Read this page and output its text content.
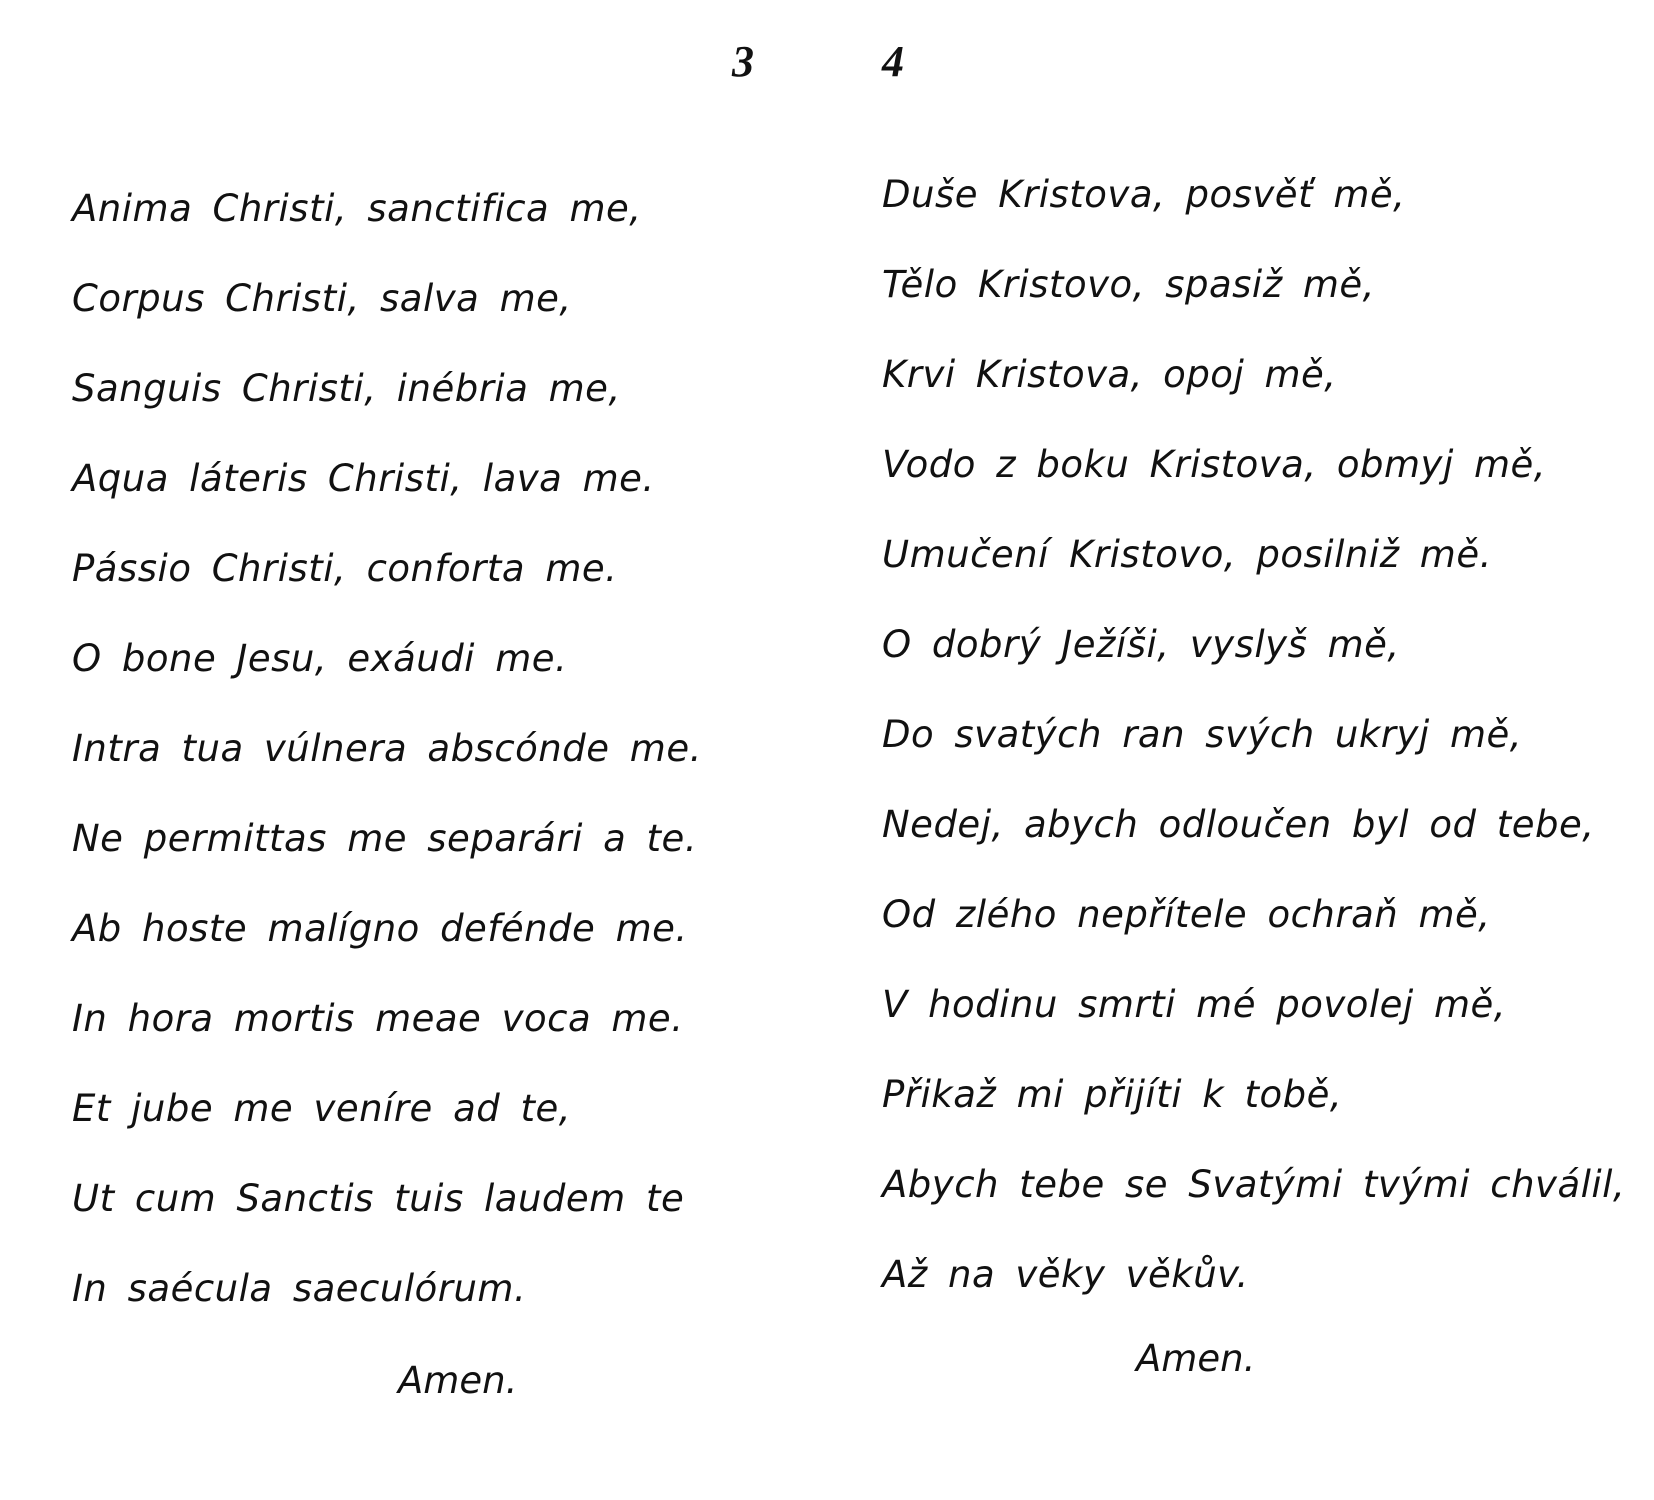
3	4
Anima Christi, sanctifica me,
Corpus Christi, salva me,
Sanguis Christi, inébria me,
Aqua láteris Christi, lava me.
Pássio Christi, conforta me.
O bone Jesu, exáudi me.
Intra tua vúlnera abscónde me.
Ne permittas me separári a te.
Ab hoste malígno defénde me.
In hora mortis meae voca me.
Et jube me veníre ad te,
Ut cum Sanctis tuis laudem te
In saécula saeculórum.
Amen.
Duše Kristova, posvěť mě,
Tělo Kristovo, spasiž mě,
Krvi Kristova, opoj mě,
Vodo z boku Kristova, obmyj mě,
Umučení Kristovo, posilniž mě.
O dobrý Ježíši, vyslyš mě,
Do svatých ran svých ukryj mě,
Nedej, abych odloučen byl od tebe,
Od zlého nepřítele ochraň mě,
V hodinu smrti mé povolej mě,
Přikaž mi přijíti k tobě,
Abych tebe se Svatými tvými chválil,
Až na věky věkův.
Amen.
